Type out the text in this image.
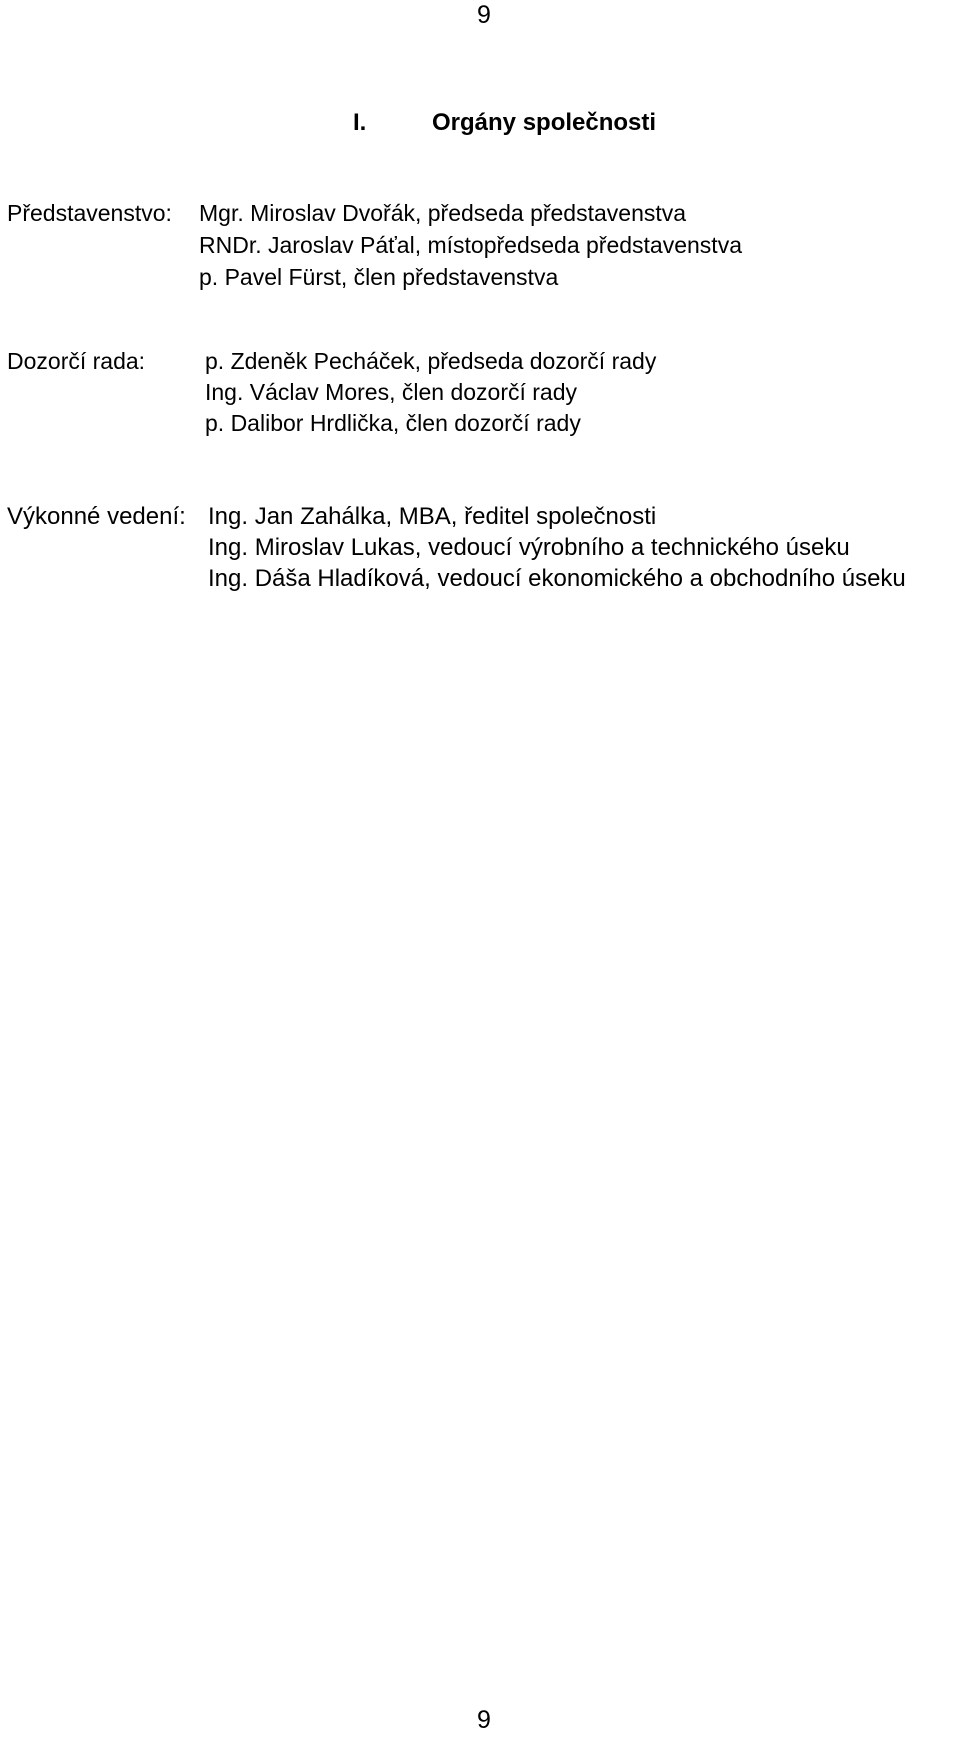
9
I.	Orgány společnosti
Představenstvo: Mgr. Miroslav Dvořák, předseda představenstva
RNDr. Jaroslav Páťal, místopředseda představenstva
p. Pavel Fürst, člen představenstva
Dozorčí rada:	p. Zdeněk Pecháček, předseda dozorčí rady
Ing. Václav Mores, člen dozorčí rady
p. Dalibor Hrdlička, člen dozorčí rady
Výkonné vedení: Ing. Jan Zahálka, MBA, ředitel společnosti
Ing. Miroslav Lukas, vedoucí výrobního a technického úseku
Ing. Dáša Hladíková, vedoucí ekonomického a obchodního úseku
9
